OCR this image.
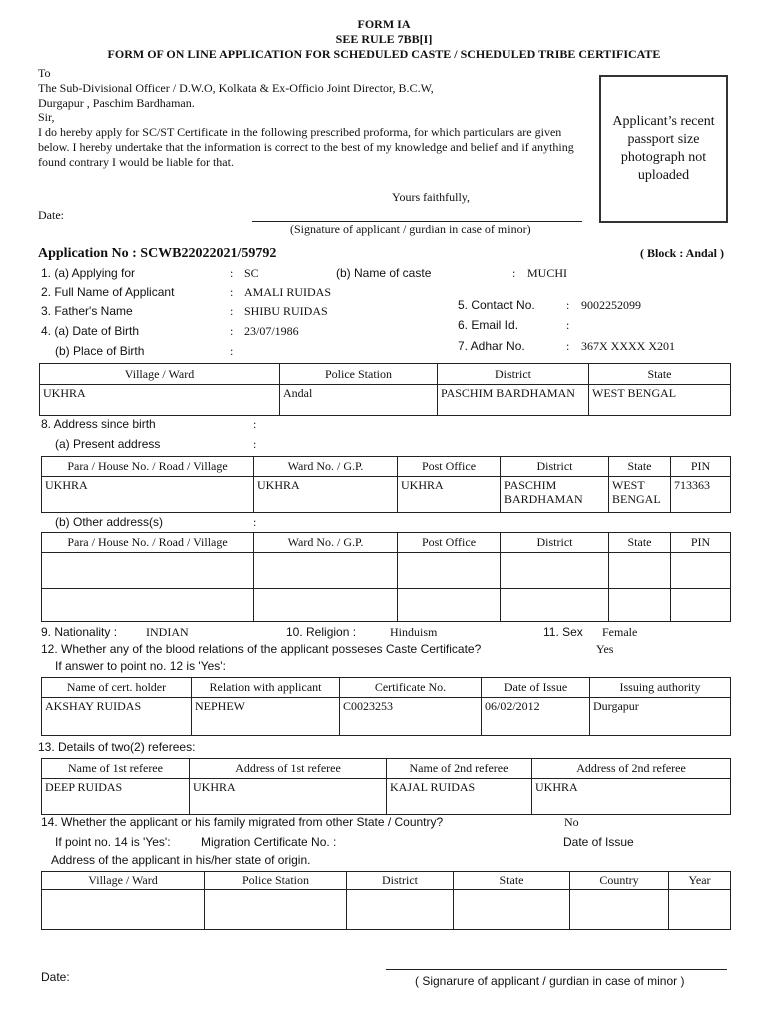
FORM IA
SEE RULE 7BB[I]
FORM OF ON LINE APPLICATION FOR SCHEDULED CASTE / SCHEDULED TRIBE CERTIFICATE
To
The Sub-Divisional Officer / D.W.O, Kolkata & Ex-Officio Joint Director, B.C.W,
Durgapur , Paschim Bardhaman.
Sir,
I do hereby apply for SC/ST Certificate in the following prescribed proforma, for which particulars are given below. I hereby undertake that the information is correct to the best of my knowledge and belief and if anything found contrary I would be liable for that.
Yours faithfully,
Date:
(Signature of applicant / gurdian in case of minor)
Applicant’s recent passport size photograph not uploaded
Application No : SCWB22022021/59792	( Block : Andal )
1. (a) Applying for	: SC	(b) Name of caste	: MUCHI
2. Full Name of Applicant	: AMALI RUIDAS
3. Father's Name	: SHIBU RUIDAS
4. (a) Date of Birth	: 23/07/1986
(b) Place of Birth	:
5. Contact No.	: 9002252099
6. Email Id.	:
7. Adhar No.	: 367X XXXX X201
Village / Ward	Police Station	District	State
UKHRA	Andal	PASCHIM BARDHAMAN	WEST BENGAL
8. Address since birth	:
(a) Present address	:
Para / House No. / Road / Village	Ward No. / G.P.	Post Office	District	State	PIN
UKHRA	UKHRA	UKHRA	PASCHIM BARDHAMAN	WEST BENGAL	713363
(b) Other address(s)	:
Para / House No. / Road / Village	Ward No. / G.P.	Post Office	District	State	PIN

9. Nationality : INDIAN	10. Religion :	Hinduism	11. Sex Female
12. Whether any of the blood relations of the applicant posseses Caste Certificate?	Yes
If answer to point no. 12 is 'Yes':
Name of cert. holder	Relation with applicant	Certificate No.	Date of Issue	Issuing authority
AKSHAY RUIDAS	NEPHEW	C0023253	06/02/2012	Durgapur
13. Details of two(2) referees:
Name of 1st referee	Address of 1st referee	Name of 2nd referee	Address of 2nd referee
DEEP RUIDAS	UKHRA	KAJAL RUIDAS	UKHRA
14. Whether the applicant or his family migrated from other State / Country?	No
If point no. 14 is 'Yes':	Migration Certificate No. :	Date of Issue
Address of the applicant in his/her state of origin.
Village / Ward	Police Station	District	State	Country	Year

Date:	( Signarure of applicant / gurdian in case of minor )
